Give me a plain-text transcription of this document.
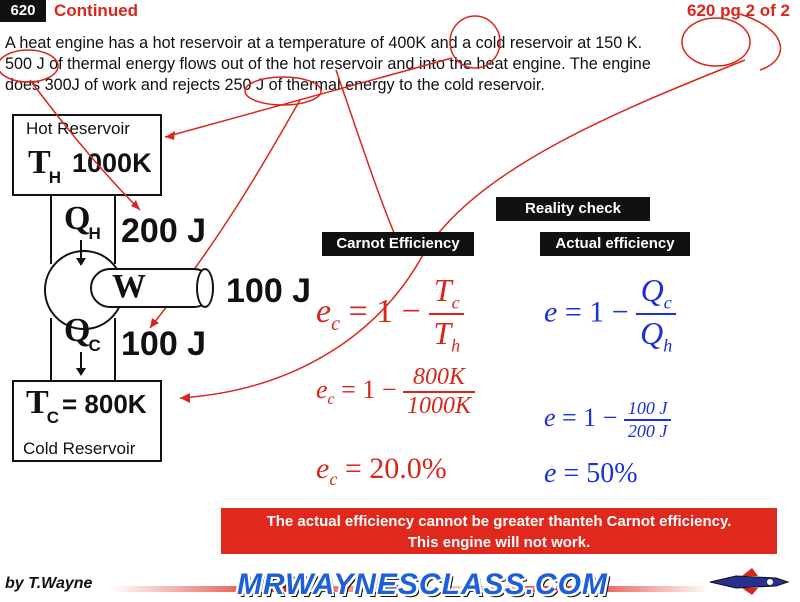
620	Continued	620 pg 2 of 2
A heat engine has a hot reservoir at a temperature of 400K and a cold reservoir at 150 K.
500 J of thermal energy flows out of the hot reservoir and into the heat engine. The engine
does 300J of work and rejects 250 J of thermal energy to the cold reservoir.
Hot Reservoir
TH 1000K
QH 200 J
W 100 J
QC 100 J
TC = 800K
Cold Reservoir
Reality check
Carnot Efficiency	Actual efficiency
$e_c = 1 - \frac{T_c}{T_h}$
$e_c = 1 - \frac{800K}{1000K}$
$e_c = 20.0\%$
$e = 1 - \frac{Q_c}{Q_h}$
$e = 1 - \frac{100 J}{200 J}$
e = 50%
The actual efficiency cannot be greater thanteh Carnot efficiency.
This engine will not work.
by T.Wayne	MRWAYNESCLASS.COM
